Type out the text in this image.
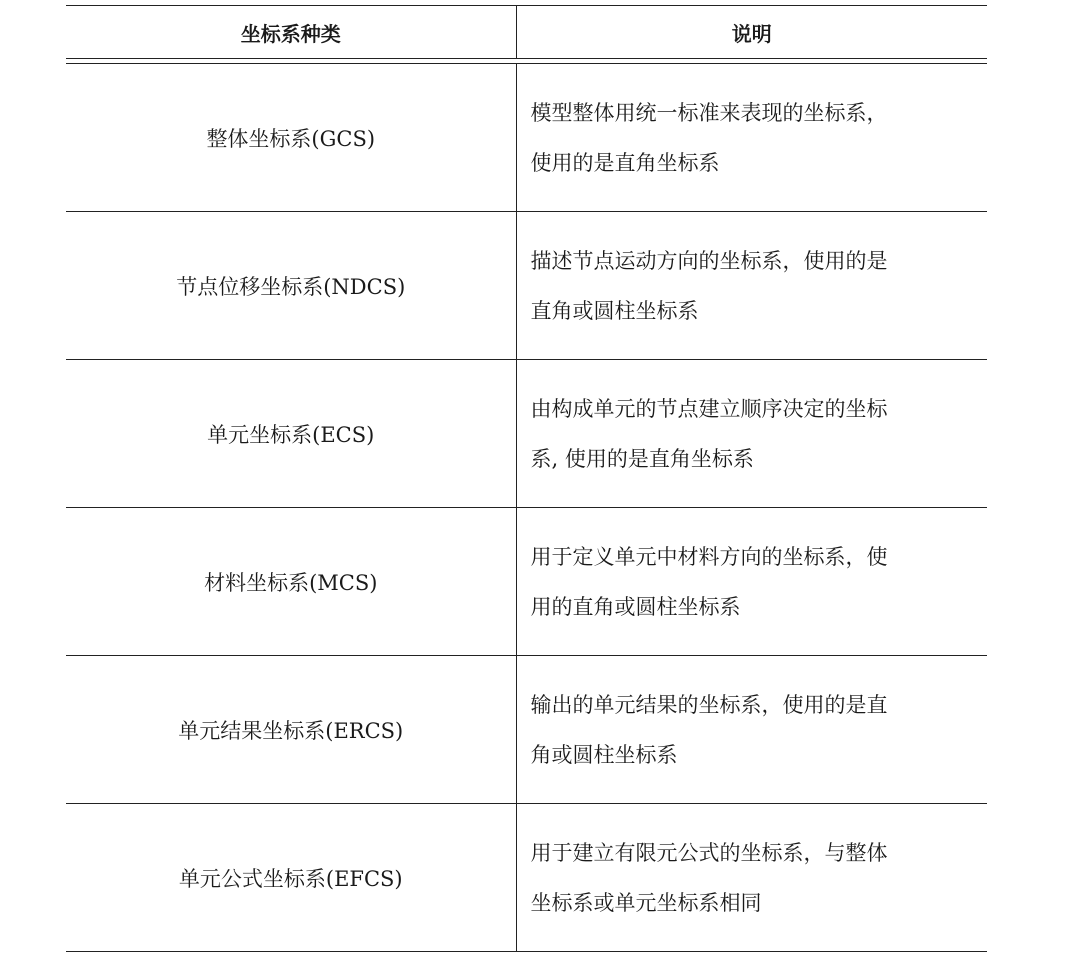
坐标系种类	说明
整体坐标系(GCS)	模型整体用统一标准来表现的坐标系，
使用的是直角坐标系

节点位移坐标系(NDCS)	描述节点运动方向的坐标系，使用的是
直角或圆柱坐标系

单元坐标系(ECS)	由构成单元的节点建立顺序决定的坐标
系, 使用的是直角坐标系

材料坐标系(MCS)	用于定义单元中材料方向的坐标系，使
用的直角或圆柱坐标系

单元结果坐标系(ERCS)	输出的单元结果的坐标系，使用的是直
角或圆柱坐标系

单元公式坐标系(EFCS)	用于建立有限元公式的坐标系，与整体
坐标系或单元坐标系相同
